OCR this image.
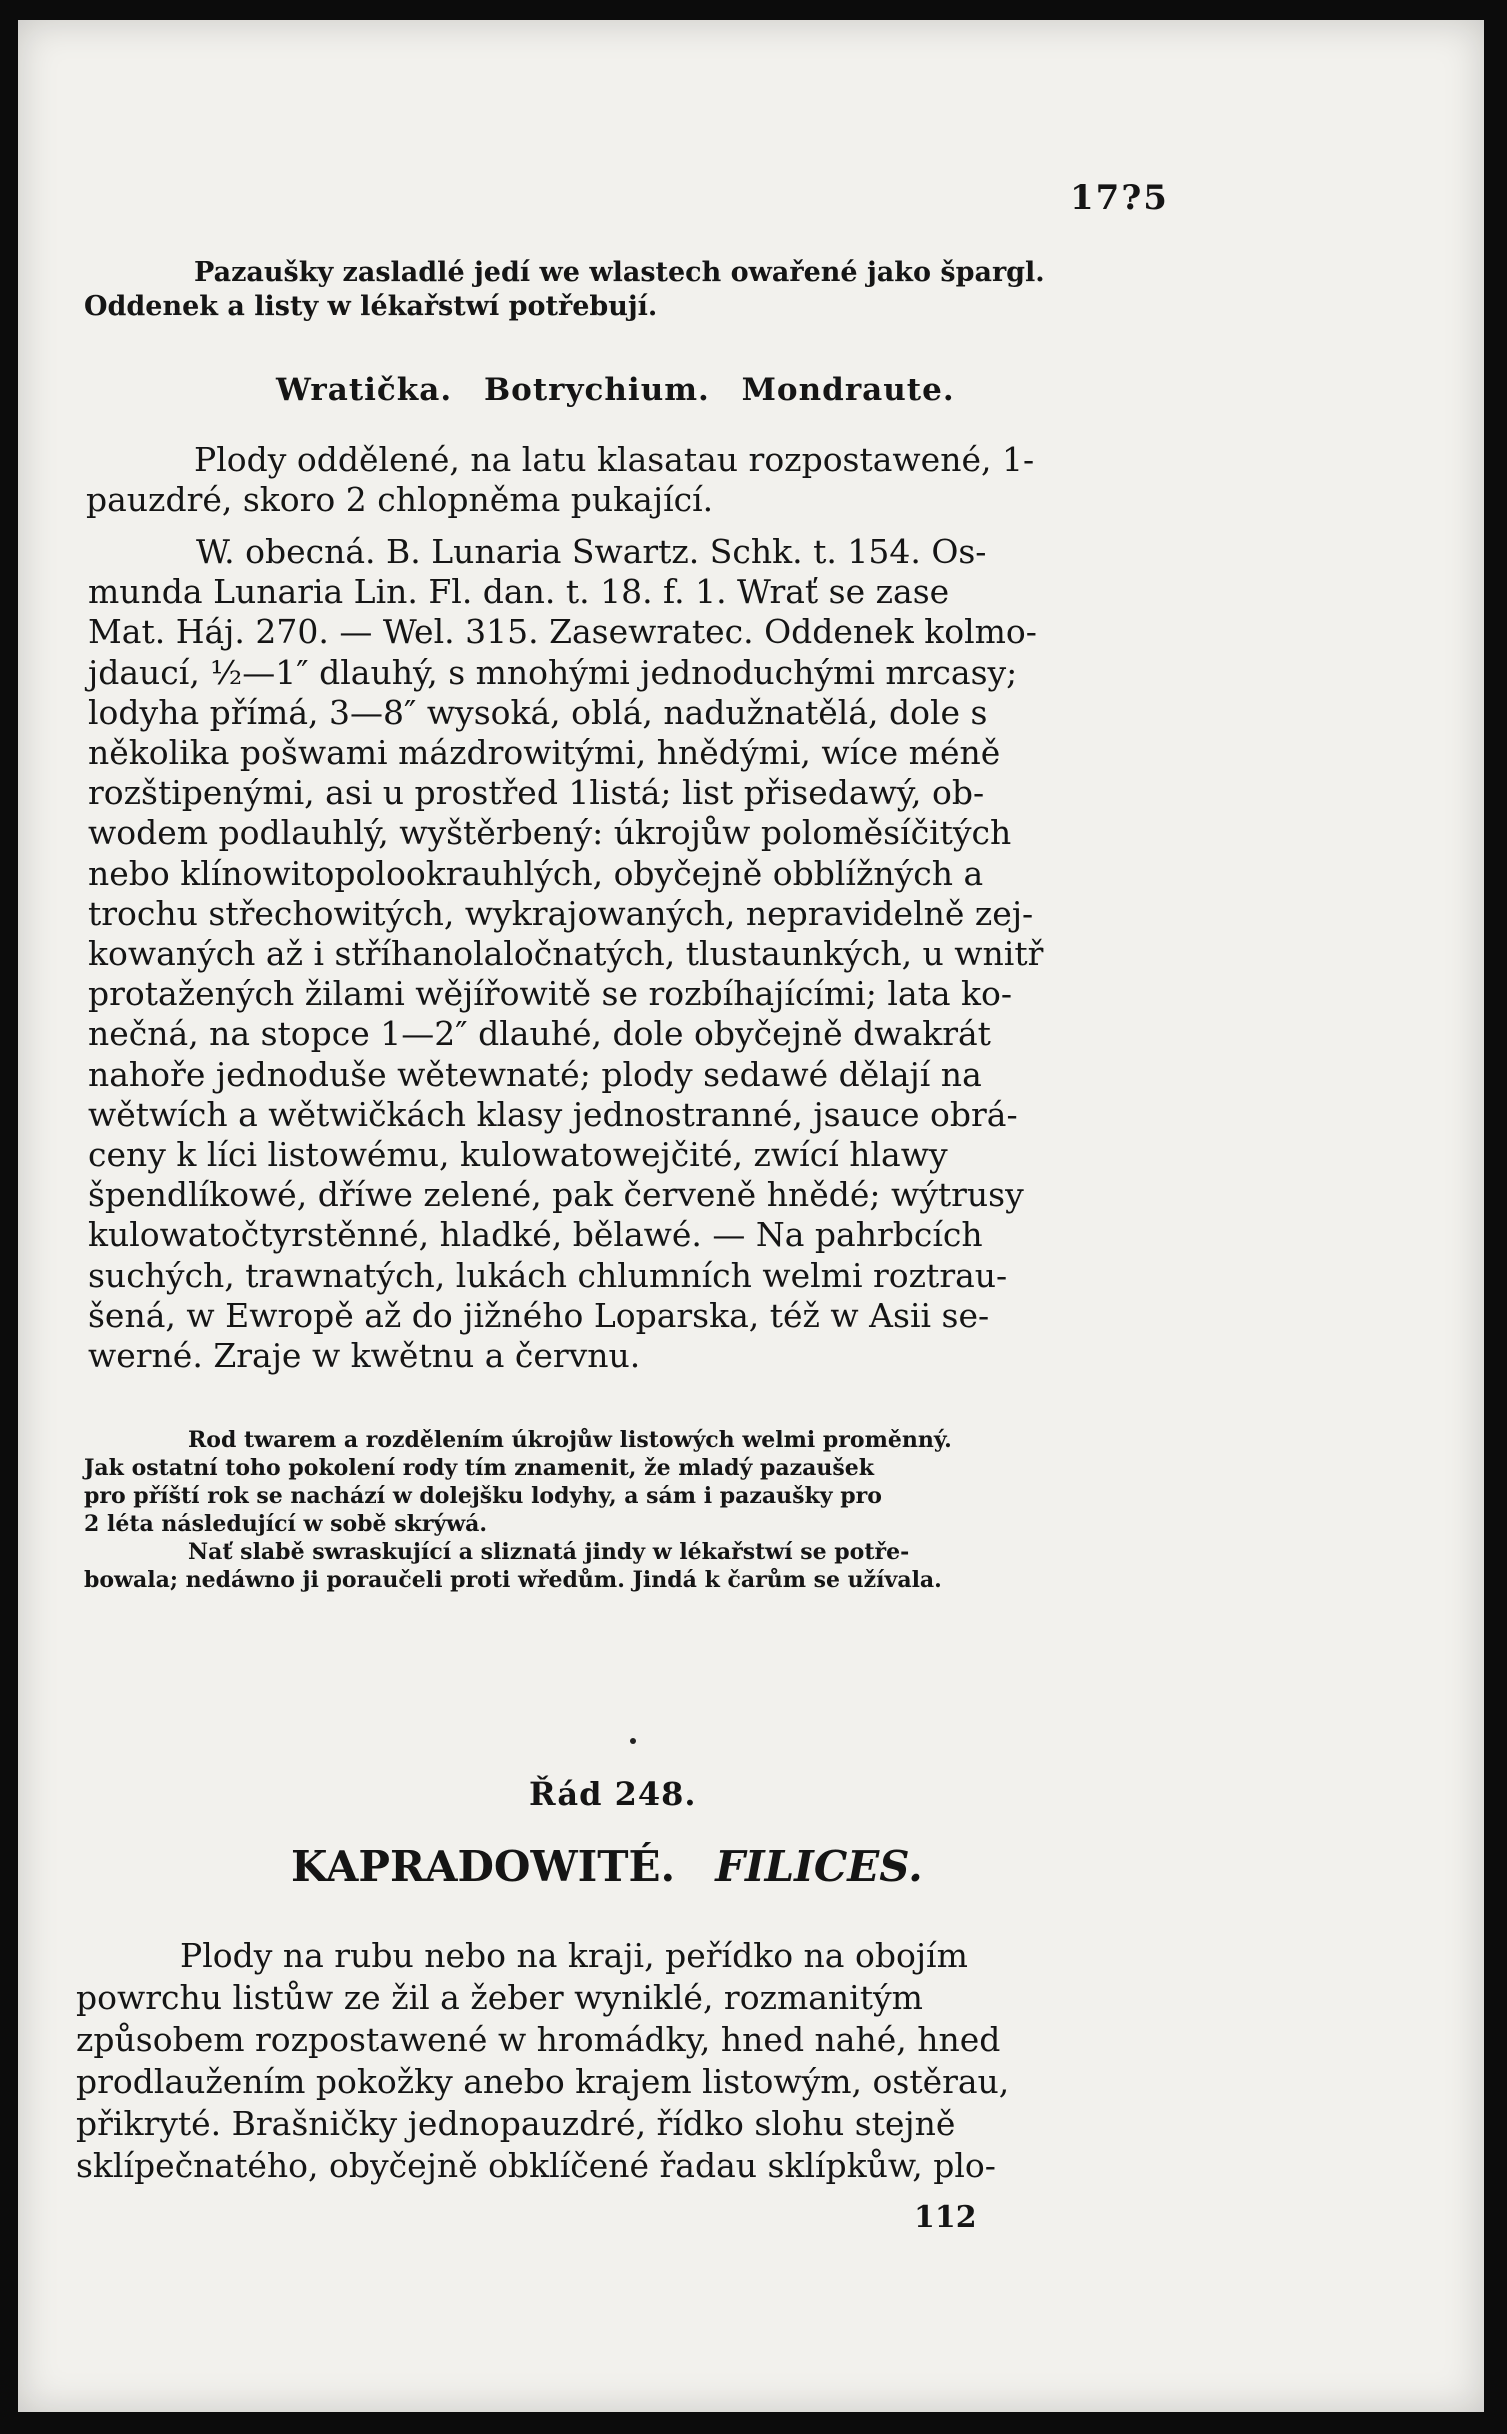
17?5
Pazaušky zasladlé jedí we wlastech owařené jako špargl.
Oddenek a listy w lékařstwí potřebují.
Wratička. Botrychium. Mondraute.
Plody oddělené, na latu klasatau rozpostawené, 1-
pauzdré, skoro 2 chlopněma pukající.
W. obecná. B. Lunaria Swartz. Schk. t. 154. Os-
munda Lunaria Lin. Fl. dan. t. 18. f. 1. Wrať se zase
Mat. Háj. 270. — Wel. 315. Zasewratec. Oddenek kolmo-
jdaucí, ½—1″ dlauhý, s mnohými jednoduchými mrcasy;
lodyha přímá, 3—8″ wysoká, oblá, nadužnatělá, dole s
několika pošwami mázdrowitými, hnědými, wíce méně
rozštipenými, asi u prostřed 1listá; list přisedawý, ob-
wodem podlauhlý, wyštěrbený: úkrojůw poloměsíčitých
nebo klínowitopolookrauhlých, obyčejně obblížných a
trochu střechowitých, wykrajowaných, nepravidelně zej-
kowaných až i stříhanolaločnatých, tlustaunkých, u wnitř
protažených žilami wějířowitě se rozbíhajícími; lata ko-
nečná, na stopce 1—2″ dlauhé, dole obyčejně dwakrát
nahoře jednoduše wětewnaté; plody sedawé dělají na
wětwích a wětwičkách klasy jednostranné, jsauce obrá-
ceny k líci listowému, kulowatowejčité, zwící hlawy
špendlíkowé, dříwe zelené, pak červeně hnědé; wýtrusy
kulowatočtyrstěnné, hladké, bělawé. — Na pahrbcích
suchých, trawnatých, lukách chlumních welmi roztrau-
šená, w Ewropě až do jižného Loparska, též w Asii se-
werné. Zraje w kwětnu a červnu.
Rod twarem a rozdělením úkrojůw listowých welmi proměnný.
Jak ostatní toho pokolení rody tím znamenit, že mladý pazaušek
pro příští rok se nachází w dolejšku lodyhy, a sám i pazaušky pro
2 léta následující w sobě skrýwá.
Nať slabě swraskující a sliznatá jindy w lékařstwí se potře-
bowala; nedáwno ji poraučeli proti wředům. Jindá k čarům se užívala.
Řád 248.
KAPRADOWITÉ. FILICES.
Plody na rubu nebo na kraji, peřídko na obojím
powrchu listůw ze žil a žeber wyniklé, rozmanitým
způsobem rozpostawené w hromádky, hned nahé, hned
prodlaužením pokožky anebo krajem listowým, ostěrau,
přikryté. Brašničky jednopauzdré, řídko slohu stejně
sklípečnatého, obyčejně obklíčené řadau sklípkůw, plo-
112
